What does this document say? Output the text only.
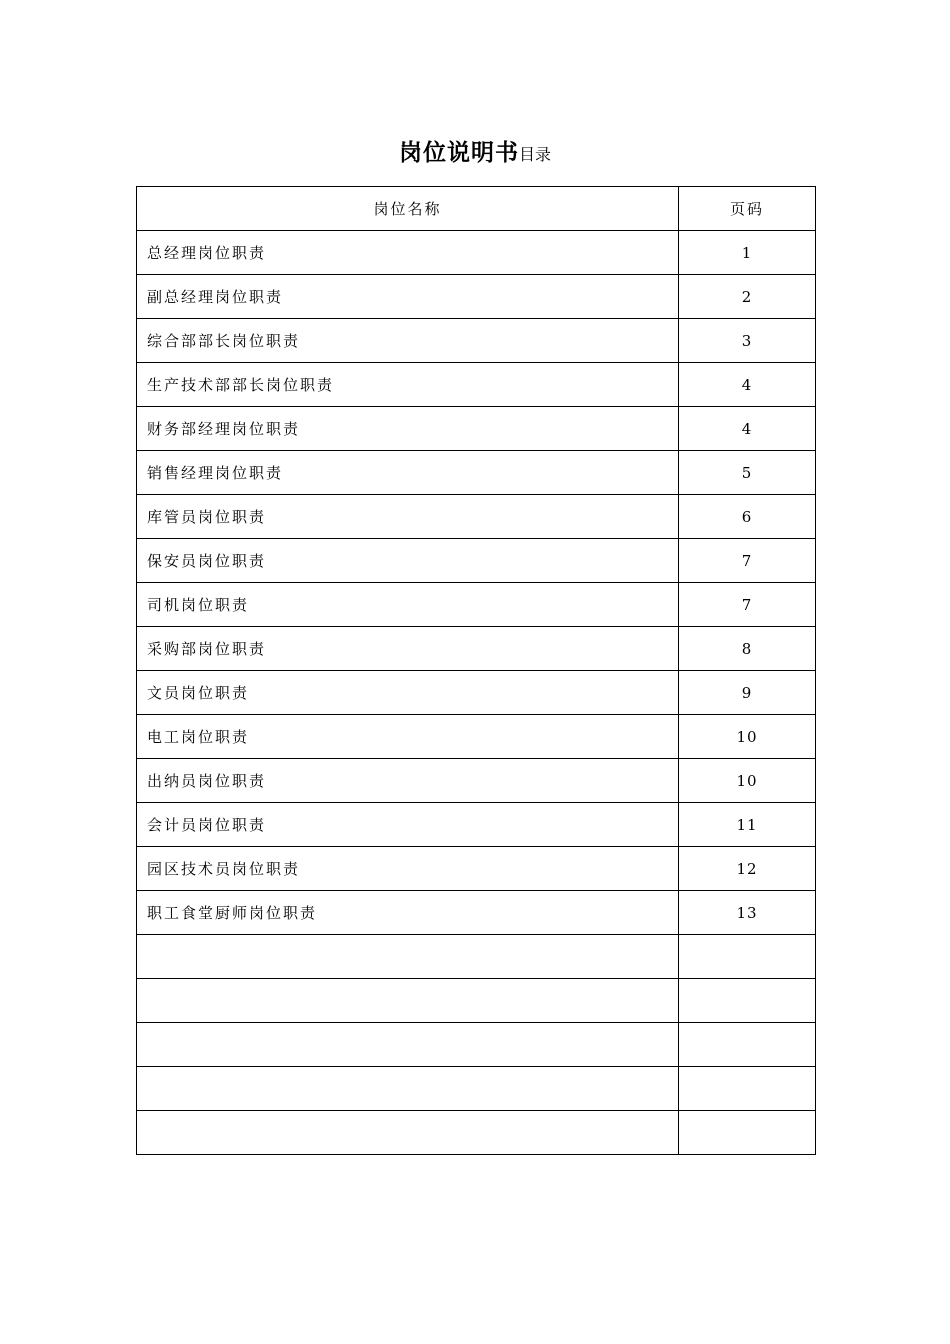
岗位说明书目录
岗位名称	页码
总经理岗位职责	1
副总经理岗位职责	2
综合部部长岗位职责	3
生产技术部部长岗位职责	4
财务部经理岗位职责	4
销售经理岗位职责	5
库管员岗位职责	6
保安员岗位职责	7
司机岗位职责	7
采购部岗位职责	8
文员岗位职责	9
电工岗位职责	10
出纳员岗位职责	10
会计员岗位职责	11
园区技术员岗位职责	12
职工食堂厨师岗位职责	13
